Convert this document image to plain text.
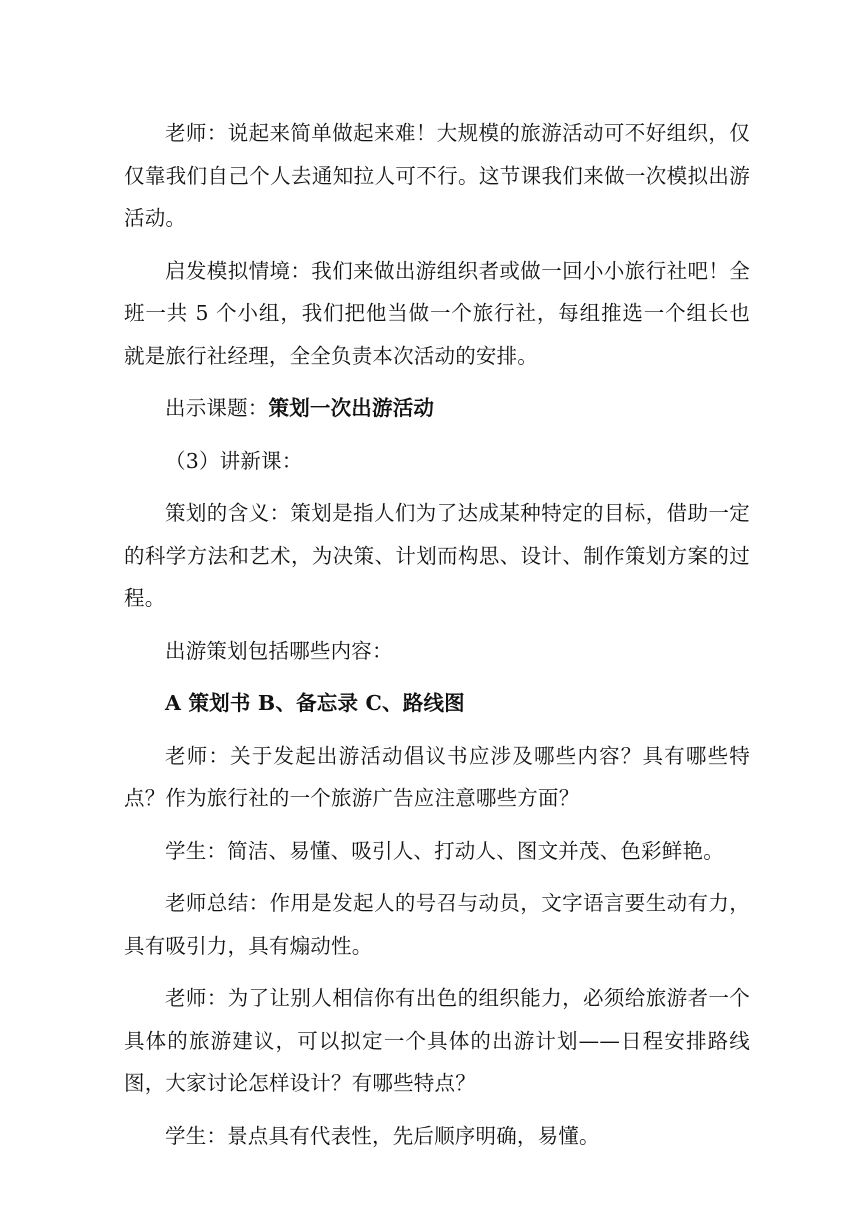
老师：说起来简单做起来难！大规模的旅游活动可不好组织，仅仅靠我们自己个人去通知拉人可不行。这节课我们来做一次模拟出游活动。

启发模拟情境：我们来做出游组织者或做一回小小旅行社吧！全班一共 5 个小组，我们把他当做一个旅行社，每组推选一个组长也就是旅行社经理，全全负责本次活动的安排。

出示课题：策划一次出游活动

（3）讲新课：

策划的含义：策划是指人们为了达成某种特定的目标，借助一定的科学方法和艺术，为决策、计划而构思、设计、制作策划方案的过程。

出游策划包括哪些内容：

A 策划书 B、备忘录 C、路线图

老师：关于发起出游活动倡议书应涉及哪些内容？具有哪些特点？作为旅行社的一个旅游广告应注意哪些方面？

学生：简洁、易懂、吸引人、打动人、图文并茂、色彩鲜艳。

老师总结：作用是发起人的号召与动员，文字语言要生动有力，具有吸引力，具有煽动性。

老师：为了让别人相信你有出色的组织能力，必须给旅游者一个具体的旅游建议，可以拟定一个具体的出游计划——日程安排路线图，大家讨论怎样设计？有哪些特点？

学生：景点具有代表性，先后顺序明确，易懂。
